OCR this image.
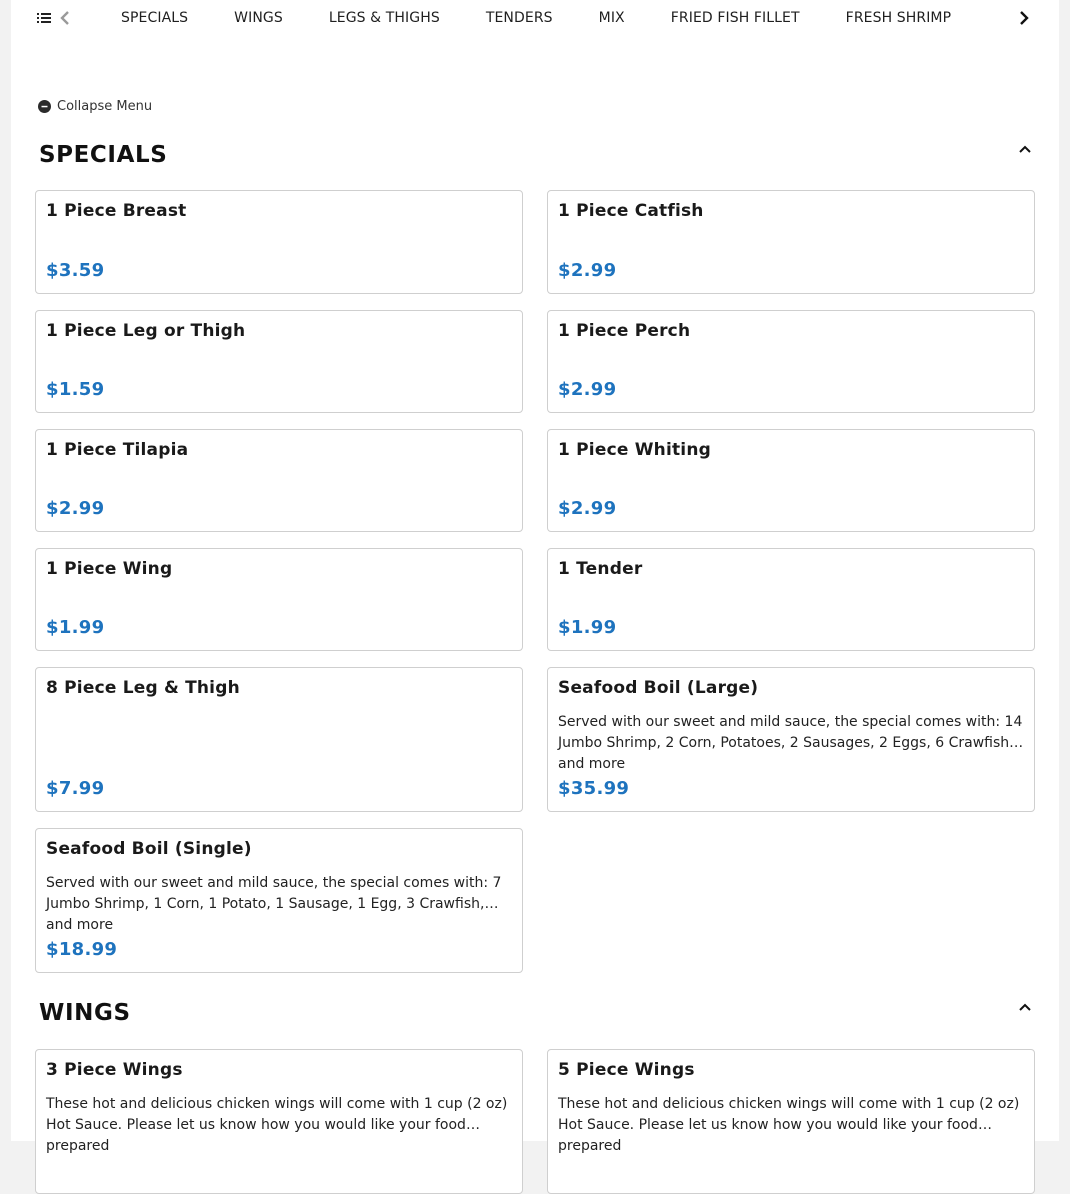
SPECIALS	WINGS	LEGS & THIGHS	TENDERS	MIX	FRIED FISH FILLET	FRESH SHRIMP
Collapse Menu
SPECIALS
1 Piece Breast
$3.59
1 Piece Catfish
$2.99
1 Piece Leg or Thigh
$1.59
1 Piece Perch
$2.99
1 Piece Tilapia
$2.99
1 Piece Whiting
$2.99
1 Piece Wing
$1.99
1 Tender
$1.99
8 Piece Leg & Thigh
$7.99
Seafood Boil (Large)
Served with our sweet and mild sauce, the special comes with: 14 Jumbo Shrimp, 2 Corn, Potatoes, 2 Sausages, 2 Eggs, 6 Crawfish, and more
$35.99
Seafood Boil (Single)
Served with our sweet and mild sauce, the special comes with: 7 Jumbo Shrimp, 1 Corn, 1 Potato, 1 Sausage, 1 Egg, 3 Crawfish, and more
$18.99
WINGS
3 Piece Wings
These hot and delicious chicken wings will come with 1 cup (2 oz) Hot Sauce. Please let us know how you would like your food prepared
5 Piece Wings
These hot and delicious chicken wings will come with 1 cup (2 oz) Hot Sauce. Please let us know how you would like your food prepared
